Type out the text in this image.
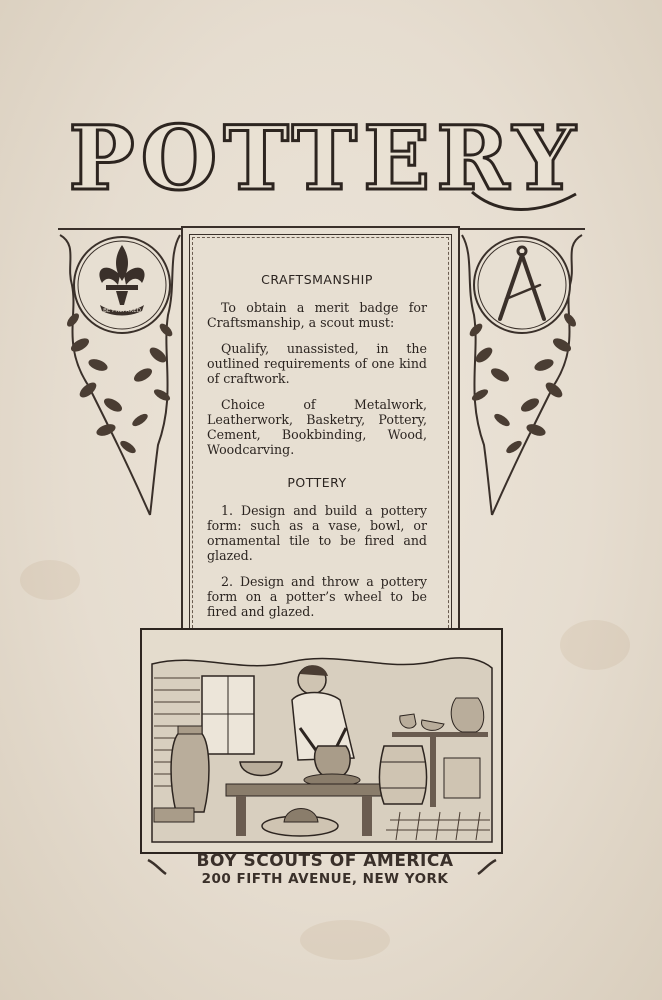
POTTERY
BE PREPARED
CRAFTSMANSHIP

To obtain a merit badge for Craftsmanship, a scout must:

Qualify, unassisted, in the outlined requirements of one kind of craftwork.

Choice of Metalwork, Leatherwork, Basketry, Pottery, Cement, Bookbinding, Wood, Woodcarving.

POTTERY

1. Design and build a pottery form: such as a vase, bowl, or ornamental tile to be fired and glazed.

2. Design and throw a pottery form on a potter’s wheel to be fired and glazed.

BOY SCOUTS OF AMERICA
200 FIFTH AVENUE, NEW YORK
